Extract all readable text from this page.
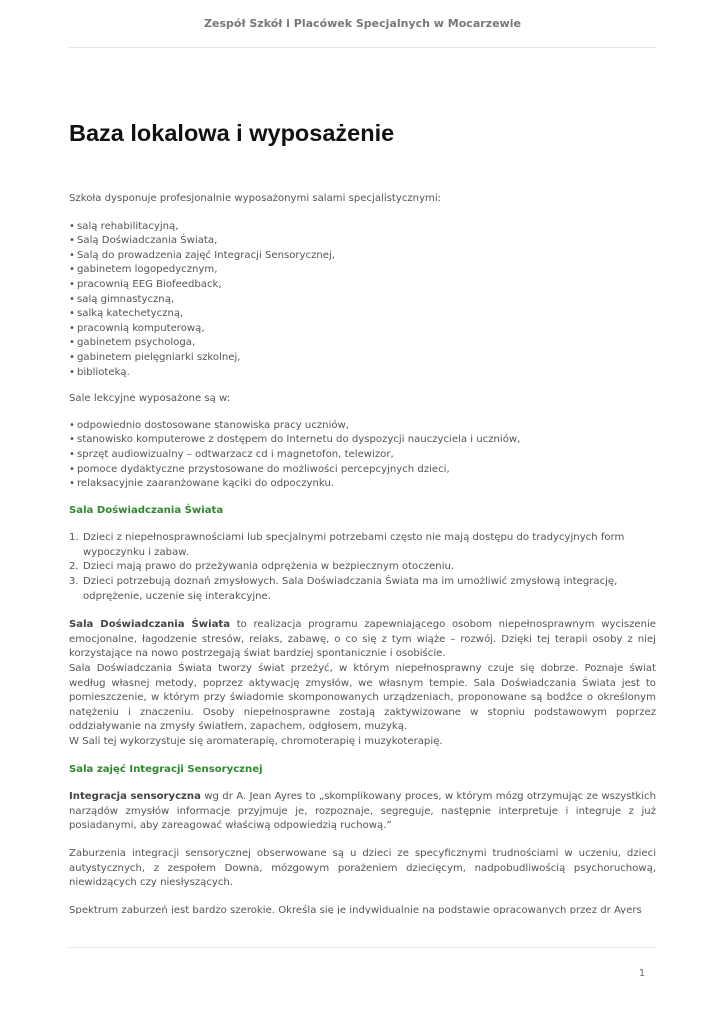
Zespół Szkół i Placówek Specjalnych w Mocarzewie
Baza lokalowa i wyposażenie

Szkoła dysponuje profesjonalnie wyposażonymi salami specjalistycznymi:

• salą rehabilitacyjną,
• Salą Doświadczania Świata,
• Salą do prowadzenia zajęć Integracji Sensorycznej,
• gabinetem logopedycznym,
• pracownią EEG Biofeedback,
• salą gimnastyczną,
• salką katechetyczną,
• pracownią komputerową,
• gabinetem psychologa,
• gabinetem pielęgniarki szkolnej,
• biblioteką.

Sale lekcyjne wyposażone są w:

• odpowiednio dostosowane stanowiska pracy uczniów,
• stanowisko komputerowe z dostępem do Internetu do dyspozycji nauczyciela i uczniów,
• sprzęt audiowizualny – odtwarzacz cd i magnetofon, telewizor,
• pomoce dydaktyczne przystosowane do możliwości percepcyjnych dzieci,
• relaksacyjnie zaaranżowane kąciki do odpoczynku.
Sala Doświadczania Świata
1. Dzieci z niepełnosprawnościami lub specjalnymi potrzebami często nie mają dostępu do tradycyjnych form wypoczynku i zabaw.
2. Dzieci mają prawo do przeżywania odprężenia w bezpiecznym otoczeniu.
3. Dzieci potrzebują doznań zmysłowych. Sala Doświadczania Świata ma im umożliwić zmysłową integrację, odprężenie, uczenie się interakcyjne.

Sala Doświadczania Świata to realizacja programu zapewniającego osobom niepełnosprawnym wyciszenie emocjonalne, łagodzenie stresów, relaks, zabawę, o co się z tym wiąże – rozwój. Dzięki tej terapii osoby z niej korzystające na nowo postrzegają świat bardziej spontanicznie i osobiście.

Sala Doświadczania Świata tworzy świat przeżyć, w którym niepełnosprawny czuje się dobrze. Poznaje świat według własnej metody, poprzez aktywację zmysłów, we własnym tempie. Sala Doświadczania Świata jest to pomieszczenie, w którym przy świadomie skomponowanych urządzeniach, proponowane są bodźce o określonym natężeniu i znaczeniu. Osoby niepełnosprawne zostają zaktywizowane w stopniu podstawowym poprzez oddziaływanie na zmysły światłem, zapachem, odgłosem, muzyką.

W Sali tej wykorzystuje się aromaterapię, chromoterapię i muzykoterapię.

Sala zajęć Integracji Sensorycznej

Integracja sensoryczna wg dr A. Jean Ayres to „skomplikowany proces, w którym mózg otrzymując ze wszystkich narządów zmysłów informacje przyjmuje je, rozpoznaje, segreguje, następnie interpretuje i integruje z już posiadanymi, aby zareagować właściwą odpowiedzią ruchową.”

Zaburzenia integracji sensorycznej obserwowane są u dzieci ze specyficznymi trudnościami w uczeniu, dzieci autystycznych, z zespołem Downa, mózgowym porażeniem dziecięcym, nadpobudliwością psychoruchową, niewidzących czy niesłyszących.

Spektrum zaburzeń jest bardzo szerokie. Określa się je indywidualnie na podstawie opracowanych przez dr Ayers

1
